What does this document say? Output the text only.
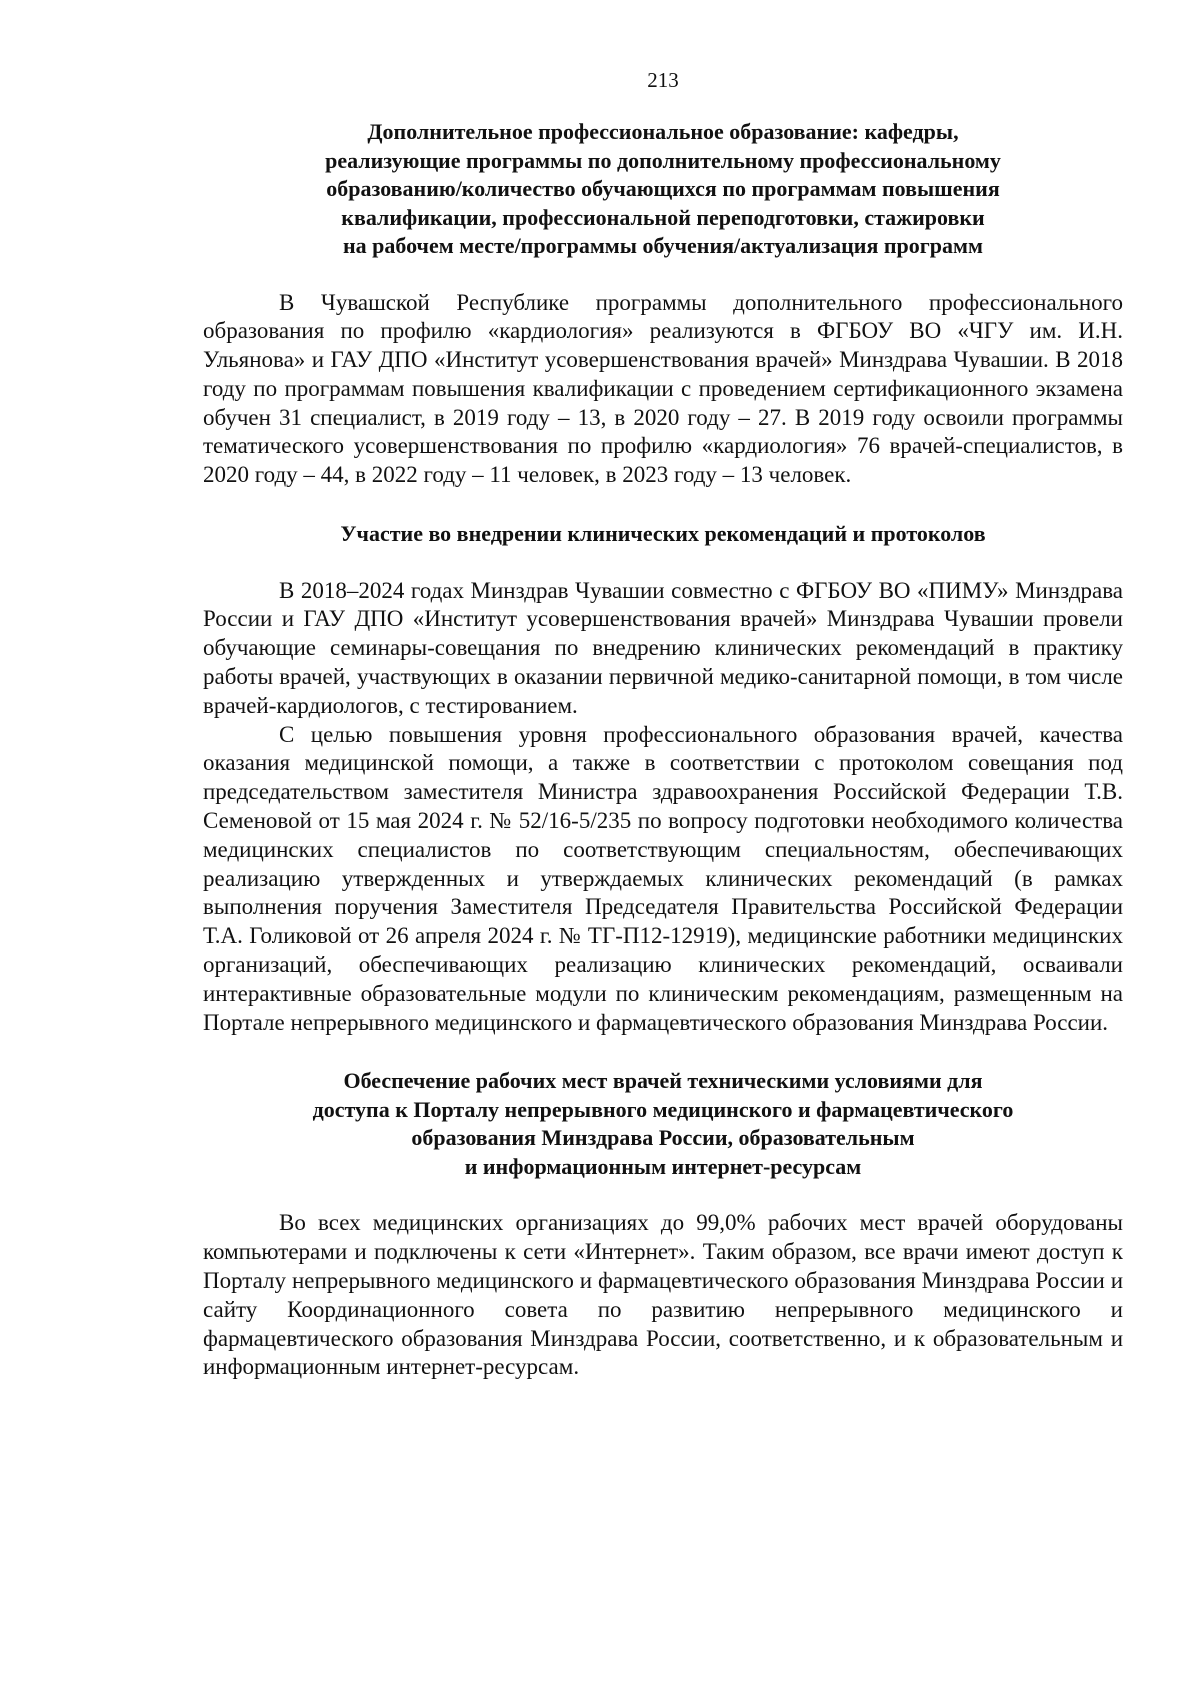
213
Дополнительное профессиональное образование: кафедры,
реализующие программы по дополнительному профессиональному
образованию/количество обучающихся по программам повышения
квалификации, профессиональной переподготовки, стажировки
на рабочем месте/программы обучения/актуализация программ

В Чувашской Республике программы дополнительного профессионального образования по профилю «кардиология» реализуются в ФГБОУ ВО «ЧГУ им. И.Н. Ульянова» и ГАУ ДПО «Институт усовершенствования врачей» Минздрава Чувашии. В 2018 году по программам повышения квалификации с проведением сертификационного экзамена обучен 31 специалист, в 2019 году – 13, в 2020 году – 27. В 2019 году освоили программы тематического усовершенствования по профилю «кардиология» 76 врачей-специалистов, в 2020 году – 44, в 2022 году – 11 человек, в 2023 году – 13 человек.

Участие во внедрении клинических рекомендаций и протоколов

В 2018–2024 годах Минздрав Чувашии совместно с ФГБОУ ВО «ПИМУ» Минздрава России и ГАУ ДПО «Институт усовершенствования врачей» Минздрава Чувашии провели обучающие семинары-совещания по внедрению клинических рекомендаций в практику работы врачей, участвующих в оказании первичной медико-санитарной помощи, в том числе врачей-кардиологов, с тестированием.

С целью повышения уровня профессионального образования врачей, качества оказания медицинской помощи, а также в соответствии с протоколом совещания под председательством заместителя Министра здравоохранения Российской Федерации Т.В. Семеновой от 15 мая 2024 г. № 52/16-5/235 по вопросу подготовки необходимого количества медицинских специалистов по соответствующим специальностям, обеспечивающих реализацию утвержденных и утверждаемых клинических рекомендаций (в рамках выполнения поручения Заместителя Председателя Правительства Российской Федерации Т.А. Голиковой от 26 апреля 2024 г. № ТГ-П12-12919), медицинские работники медицинских организаций, обеспечивающих реализацию клинических рекомендаций, осваивали интерактивные образовательные модули по клиническим рекомендациям, размещенным на Портале непрерывного медицинского и фармацевтического образования Минздрава России.

Обеспечение рабочих мест врачей техническими условиями для
доступа к Порталу непрерывного медицинского и фармацевтического
образования Минздрава России, образовательным
и информационным интернет-ресурсам

Во всех медицинских организациях до 99,0% рабочих мест врачей оборудованы компьютерами и подключены к сети «Интернет». Таким образом, все врачи имеют доступ к Порталу непрерывного медицинского и фармацевтического образования Минздрава России и сайту Координационного совета по развитию непрерывного медицинского и фармацевтического образования Минздрава России, соответственно, и к образовательным и информационным интернет-ресурсам.
